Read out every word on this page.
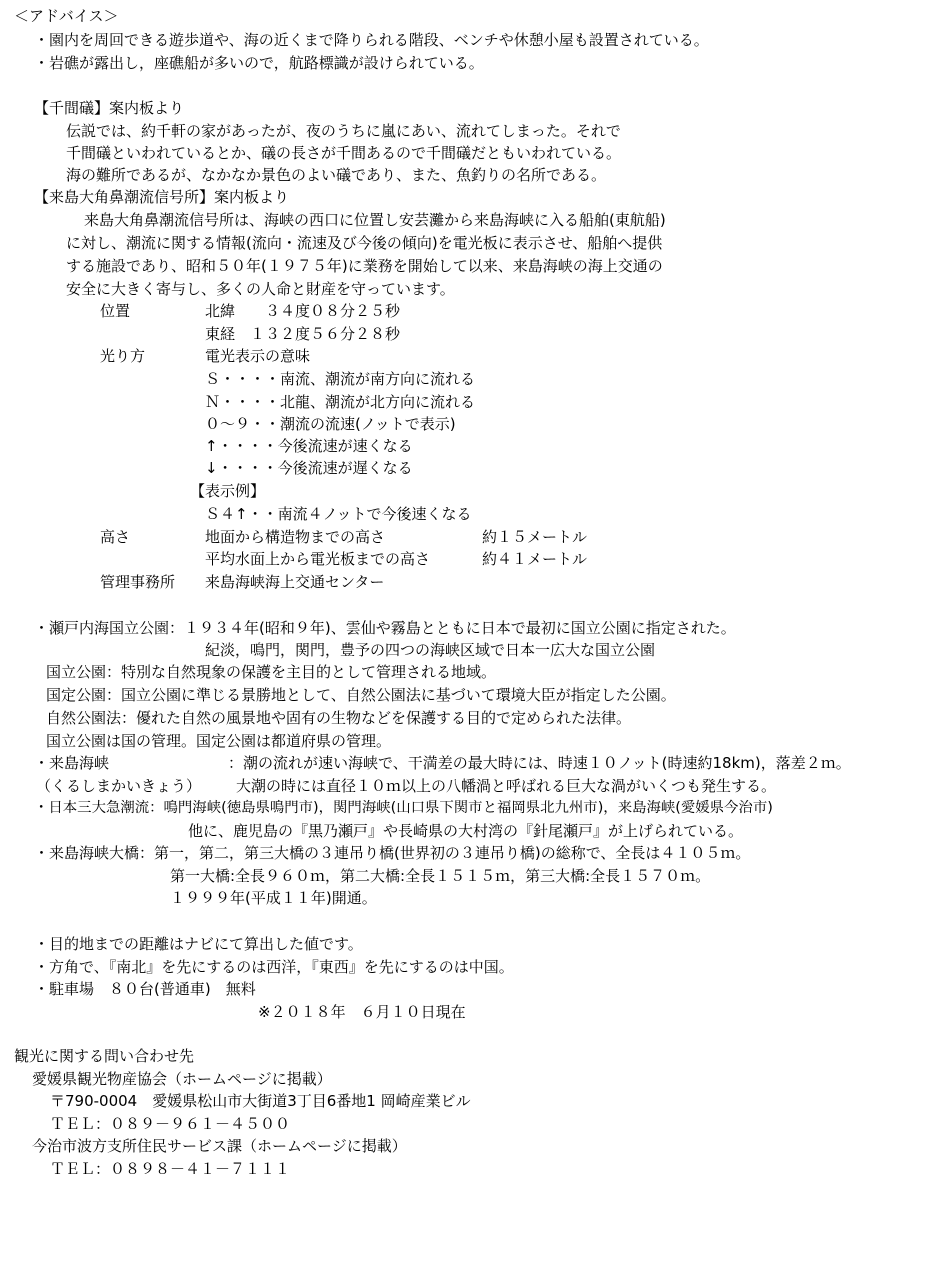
＜アドバイス＞
・園内を周回できる遊歩道や、海の近くまで降りられる階段、ベンチや休憩小屋も設置されている。
・岩礁が露出し，座礁船が多いので，航路標識が設けられている。
【千間礒】案内板より
伝説では、約千軒の家があったが、夜のうちに嵐にあい、流れてしまった。それで
千間礒といわれているとか、礒の長さが千間あるので千間礒だともいわれている。
海の難所であるが、なかなか景色のよい礒であり、また、魚釣りの名所である。
【来島大角鼻潮流信号所】案内板より
来島大角鼻潮流信号所は、海峡の西口に位置し安芸灘から来島海峡に入る船舶(東航船)
に対し、潮流に関する情報(流向・流速及び今後の傾向)を電光板に表示させ、船舶へ提供
する施設であり、昭和５０年(１９７５年)に業務を開始して以来、来島海峡の海上交通の
安全に大きく寄与し、多くの人命と財産を守っています。
位置	北緯　　３４度０８分２５秒
東経　１３２度５６分２８秒
光り方	電光表示の意味
Ｓ・・・・南流、潮流が南方向に流れる
Ｎ・・・・北龍、潮流が北方向に流れる
０～９・・潮流の流速(ノットで表示)
↑・・・・今後流速が速くなる
↓・・・・今後流速が遅くなる
【表示例】
Ｓ４↑・・南流４ノットで今後速くなる
高さ	地面から構造物までの高さ	約１５メートル
平均水面上から電光板までの高さ	約４１メートル
管理事務所 来島海峡海上交通センター
・瀬戸内海国立公園：１９３４年(昭和９年)、雲仙や霧島とともに日本で最初に国立公園に指定された。
紀淡，鳴門，関門，豊予の四つの海峡区域で日本一広大な国立公園
国立公園：特別な自然現象の保護を主目的として管理される地域。
国定公園：国立公園に準じる景勝地として、自然公園法に基づいて環境大臣が指定した公園。
自然公園法：優れた自然の風景地や固有の生物などを保護する目的で定められた法律。
国立公園は国の管理。国定公園は都道府県の管理。
・来島海峡	：潮の流れが速い海峡で、干満差の最大時には、時速１０ノット(時速約18km)，落差２ｍ。
（くるしまかいきょう） 大潮の時には直径１０ｍ以上の八幡渦と呼ばれる巨大な渦がいくつも発生する。
・日本三大急潮流：鳴門海峡(徳島県鳴門市)，関門海峡(山口県下関市と福岡県北九州市)，来島海峡(愛媛県今治市)
他に、鹿児島の『黒乃瀬戸』や長崎県の大村湾の『針尾瀬戸』が上げられている。
・来島海峡大橋：第一，第二，第三大橋の３連吊り橋(世界初の３連吊り橋)の総称で、全長は４１０５ｍ。
第一大橋:全長９６０ｍ，第二大橋:全長１５１５ｍ，第三大橋:全長１５７０ｍ。
１９９９年(平成１１年)開通。
・目的地までの距離はナビにて算出した値です。
・方角で、『南北』を先にするのは西洋，『東西』を先にするのは中国。
・駐車場　８０台(普通車)　無料
※２０１８年　６月１０日現在
観光に関する問い合わせ先
愛媛県観光物産協会（ホームページに掲載）
〒790-0004　愛媛県松山市大街道3丁目6番地1 岡崎産業ビル
ＴＥＬ：０８９－９６１－４５００
今治市波方支所住民サービス課（ホームページに掲載）
ＴＥＬ：０８９８－４１－７１１１
